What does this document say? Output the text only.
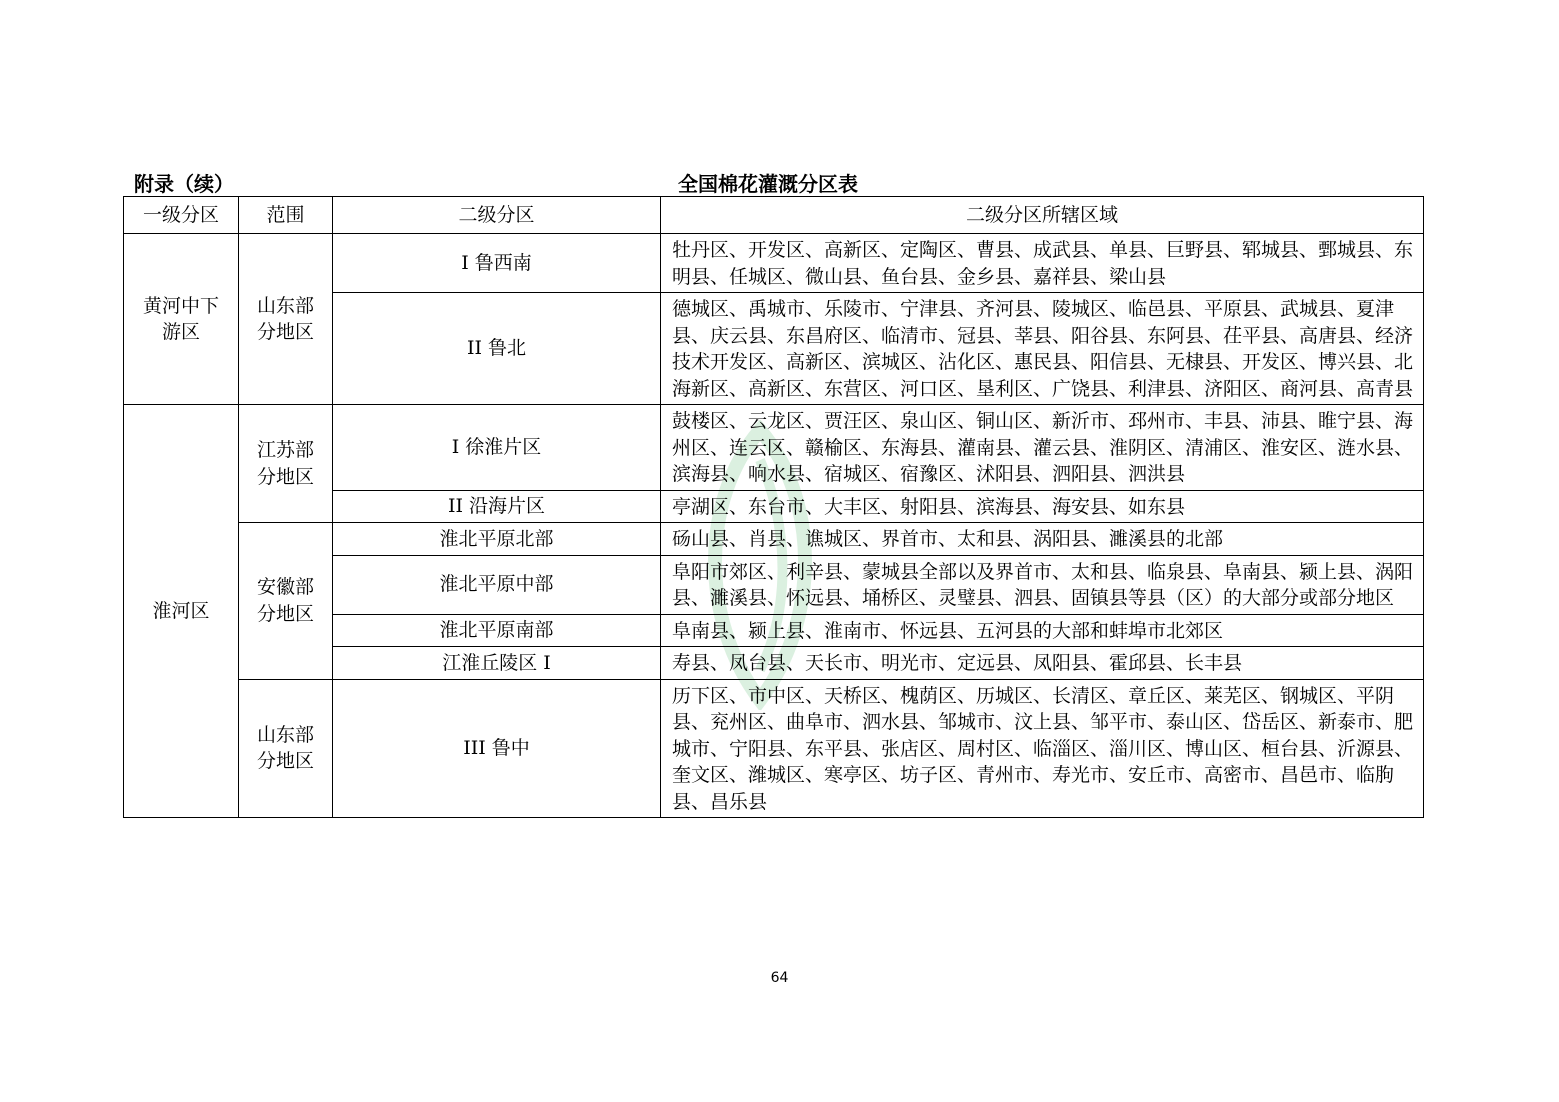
附录（续）	全国棉花灌溉分区表
一级分区	范围	二级分区	二级分区所辖区域
黄河中下游区	山东部分地区	I 鲁西南	牡丹区、开发区、高新区、定陶区、曹县、成武县、单县、巨野县、郓城县、鄄城县、东明县、任城区、微山县、鱼台县、金乡县、嘉祥县、梁山县
		II 鲁北	德城区、禹城市、乐陵市、宁津县、齐河县、陵城区、临邑县、平原县、武城县、夏津县、庆云县、东昌府区、临清市、冠县、莘县、阳谷县、东阿县、茌平县、高唐县、经济技术开发区、高新区、滨城区、沾化区、惠民县、阳信县、无棣县、开发区、博兴县、北海新区、高新区、东营区、河口区、垦利区、广饶县、利津县、济阳区、商河县、高青县
淮河区	江苏部分地区	I 徐淮片区	鼓楼区、云龙区、贾汪区、泉山区、铜山区、新沂市、邳州市、丰县、沛县、睢宁县、海州区、连云区、赣榆区、东海县、灌南县、灌云县、淮阴区、清浦区、淮安区、涟水县、滨海县、响水县、宿城区、宿豫区、沭阳县、泗阳县、泗洪县
		II 沿海片区	亭湖区、东台市、大丰区、射阳县、滨海县、海安县、如东县
	安徽部分地区	淮北平原北部	砀山县、肖县、谯城区、界首市、太和县、涡阳县、濉溪县的北部
		淮北平原中部	阜阳市郊区、利辛县、蒙城县全部以及界首市、太和县、临泉县、阜南县、颍上县、涡阳县、濉溪县、怀远县、埇桥区、灵璧县、泗县、固镇县等县（区）的大部分或部分地区
		淮北平原南部	阜南县、颍上县、淮南市、怀远县、五河县的大部和蚌埠市北郊区
		江淮丘陵区 I	寿县、凤台县、天长市、明光市、定远县、凤阳县、霍邱县、长丰县
	山东部分地区	III 鲁中	历下区、市中区、天桥区、槐荫区、历城区、长清区、章丘区、莱芜区、钢城区、平阴县、兖州区、曲阜市、泗水县、邹城市、汶上县、邹平市、泰山区、岱岳区、新泰市、肥城市、宁阳县、东平县、张店区、周村区、临淄区、淄川区、博山区、桓台县、沂源县、奎文区、潍城区、寒亭区、坊子区、青州市、寿光市、安丘市、高密市、昌邑市、临朐县、昌乐县
64
